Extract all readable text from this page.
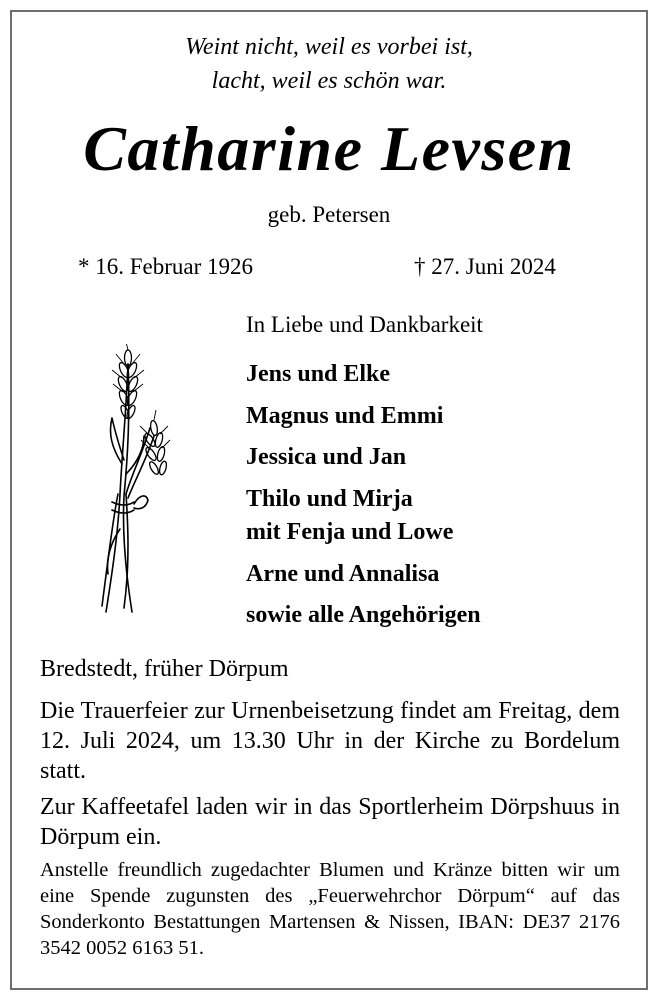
Weint nicht, weil es vorbei ist,
lacht, weil es schön war.
Catharine Levsen
geb. Petersen
* 16. Februar 1926	† 27. Juni 2024
In Liebe und Dankbarkeit
Jens und Elke
Magnus und Emmi
Jessica und Jan
Thilo und Mirja
mit Fenja und Lowe
Arne und Annalisa
sowie alle Angehörigen
Bredstedt, früher Dörpum
Die Trauerfeier zur Urnenbeisetzung findet am Freitag, dem 12. Juli 2024, um 13.30 Uhr in der Kirche zu Bordelum statt.
Zur Kaffeetafel laden wir in das Sportlerheim Dörpshuus in Dörpum ein.
Anstelle freundlich zugedachter Blumen und Kränze bitten wir um eine Spende zugunsten des „Feuerwehrchor Dörpum“ auf das Sonderkonto Bestattungen Martensen & Nissen, IBAN: DE37 2176 3542 0052 6163 51.
